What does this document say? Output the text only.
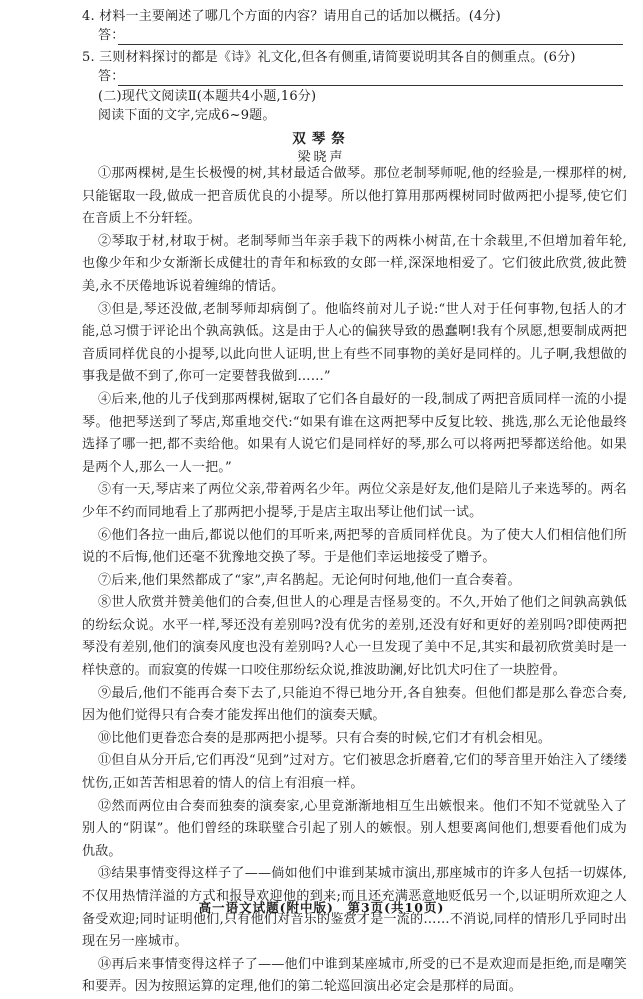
4. 材料一主要阐述了哪几个方面的内容？请用自己的话加以概括。(4分)
答：
5. 三则材料探讨的都是《诗》礼文化,但各有侧重,请简要说明其各自的侧重点。(6分)
答：
(二)现代文阅读Ⅱ(本题共4小题,16分)
阅读下面的文字,完成6~9题。
双琴祭
梁晓声
①那两棵树,是生长极慢的树,其材最适合做琴。那位老制琴师呢,他的经验是,一棵那样的树,只能锯取一段,做成一把音质优良的小提琴。所以他打算用那两棵树同时做两把小提琴,使它们在音质上不分轩轾。
②琴取于材,材取于树。老制琴师当年亲手栽下的两株小树苗,在十余载里,不但增加着年轮,也像少年和少女渐渐长成健壮的青年和标致的女郎一样,深深地相爱了。它们彼此欣赏,彼此赞美,永不厌倦地诉说着缠绵的情话。
③但是,琴还没做,老制琴师却病倒了。他临终前对儿子说:“世人对于任何事物,包括人的才能,总习惯于评论出个孰高孰低。这是由于人心的偏狭导致的愚蠢啊!我有个夙愿,想要制成两把音质同样优良的小提琴,以此向世人证明,世上有些不同事物的美好是同样的。儿子啊,我想做的事我是做不到了,你可一定要替我做到……”
④后来,他的儿子伐到那两棵树,锯取了它们各自最好的一段,制成了两把音质同样一流的小提琴。他把琴送到了琴店,郑重地交代:“如果有谁在这两把琴中反复比较、挑选,那么无论他最终选择了哪一把,都不卖给他。如果有人说它们是同样好的琴,那么可以将两把琴都送给他。如果是两个人,那么一人一把。”
⑤有一天,琴店来了两位父亲,带着两名少年。两位父亲是好友,他们是陪儿子来选琴的。两名少年不约而同地看上了那两把小提琴,于是店主取出琴让他们试一试。
⑥他们各拉一曲后,都说以他们的耳听来,两把琴的音质同样优良。为了使大人们相信他们所说的不后悔,他们还毫不犹豫地交换了琴。于是他们幸运地接受了赠予。
⑦后来,他们果然都成了“家”,声名鹊起。无论何时何地,他们一直合奏着。
⑧世人欣赏并赞美他们的合奏,但世人的心理是吉怪易变的。不久,开始了他们之间孰高孰低的纷纭众说。水平一样,琴还没有差别吗?没有优劣的差别,还没有好和更好的差别吗?即使两把琴没有差别,他们的演奏风度也没有差别吗?人心一旦发现了美中不足,其实和最初欣赏美时是一样快意的。而寂寞的传媒一口咬住那纷纭众说,推波助澜,好比饥犬叼住了一块腔骨。
⑨最后,他们不能再合奏下去了,只能迫不得已地分开,各自独奏。但他们都是那么眷恋合奏,因为他们觉得只有合奏才能发挥出他们的演奏天赋。
⑩比他们更眷恋合奏的是那两把小提琴。只有合奏的时候,它们才有机会相见。
⑪但自从分开后,它们再没“见到”过对方。它们被思念折磨着,它们的琴音里开始注入了缕缕忧伤,正如苦苦相思着的情人的信上有泪痕一样。
⑫然而两位由合奏而独奏的演奏家,心里竟渐渐地相互生出嫉恨来。他们不知不觉就坠入了别人的“阴谋”。他们曾经的珠联璧合引起了别人的嫉恨。别人想要离间他们,想要看他们成为仇敌。
⑬结果事情变得这样子了——倘如他们中谁到某城市演出,那座城市的许多人包括一切媒体,不仅用热情洋溢的方式和报导欢迎他的到来;而且还充满恶意地贬低另一个,以证明所欢迎之人备受欢迎;同时证明他们,只有他们对音乐的鉴赏才是一流的……不消说,同样的情形几乎同时出现在另一座城市。
⑭再后来事情变得这样子了——他们中谁到某座城市,所受的已不是欢迎而是拒绝,而是嘲笑和要弄。因为按照运算的定理,他们的第二轮巡回演出必定会是那样的局面。
高一语文试题(附中版)　第3页(共10页)
